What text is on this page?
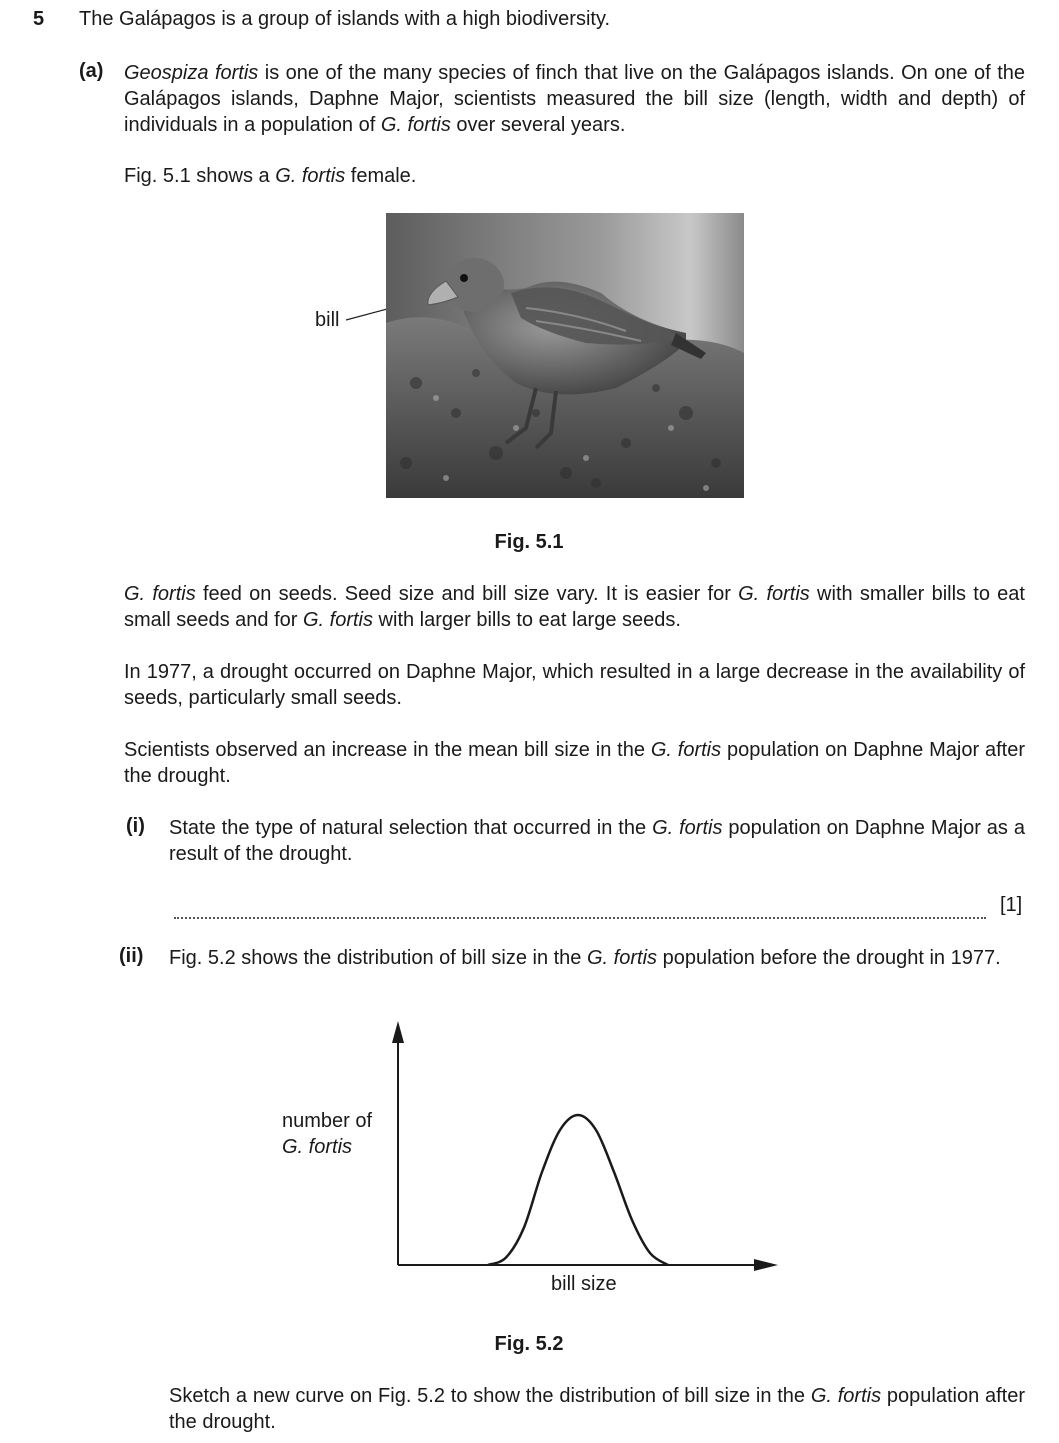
5 The Galápagos is a group of islands with a high biodiversity.
(a) Geospiza fortis is one of the many species of finch that live on the Galápagos islands. On one of the Galápagos islands, Daphne Major, scientists measured the bill size (length, width and depth) of individuals in a population of G. fortis over several years.
Fig. 5.1 shows a G. fortis female.
bill
Fig. 5.1
G. fortis feed on seeds. Seed size and bill size vary. It is easier for G. fortis with smaller bills to eat small seeds and for G. fortis with larger bills to eat large seeds.
In 1977, a drought occurred on Daphne Major, which resulted in a large decrease in the availability of seeds, particularly small seeds.
Scientists observed an increase in the mean bill size in the G. fortis population on Daphne Major after the drought.
(i) State the type of natural selection that occurred in the G. fortis population on Daphne Major as a result of the drought.
[1]
(ii) Fig. 5.2 shows the distribution of bill size in the G. fortis population before the drought in 1977.
number of
G. fortis
bill size
Fig. 5.2
Sketch a new curve on Fig. 5.2 to show the distribution of bill size in the G. fortis population after the drought.
